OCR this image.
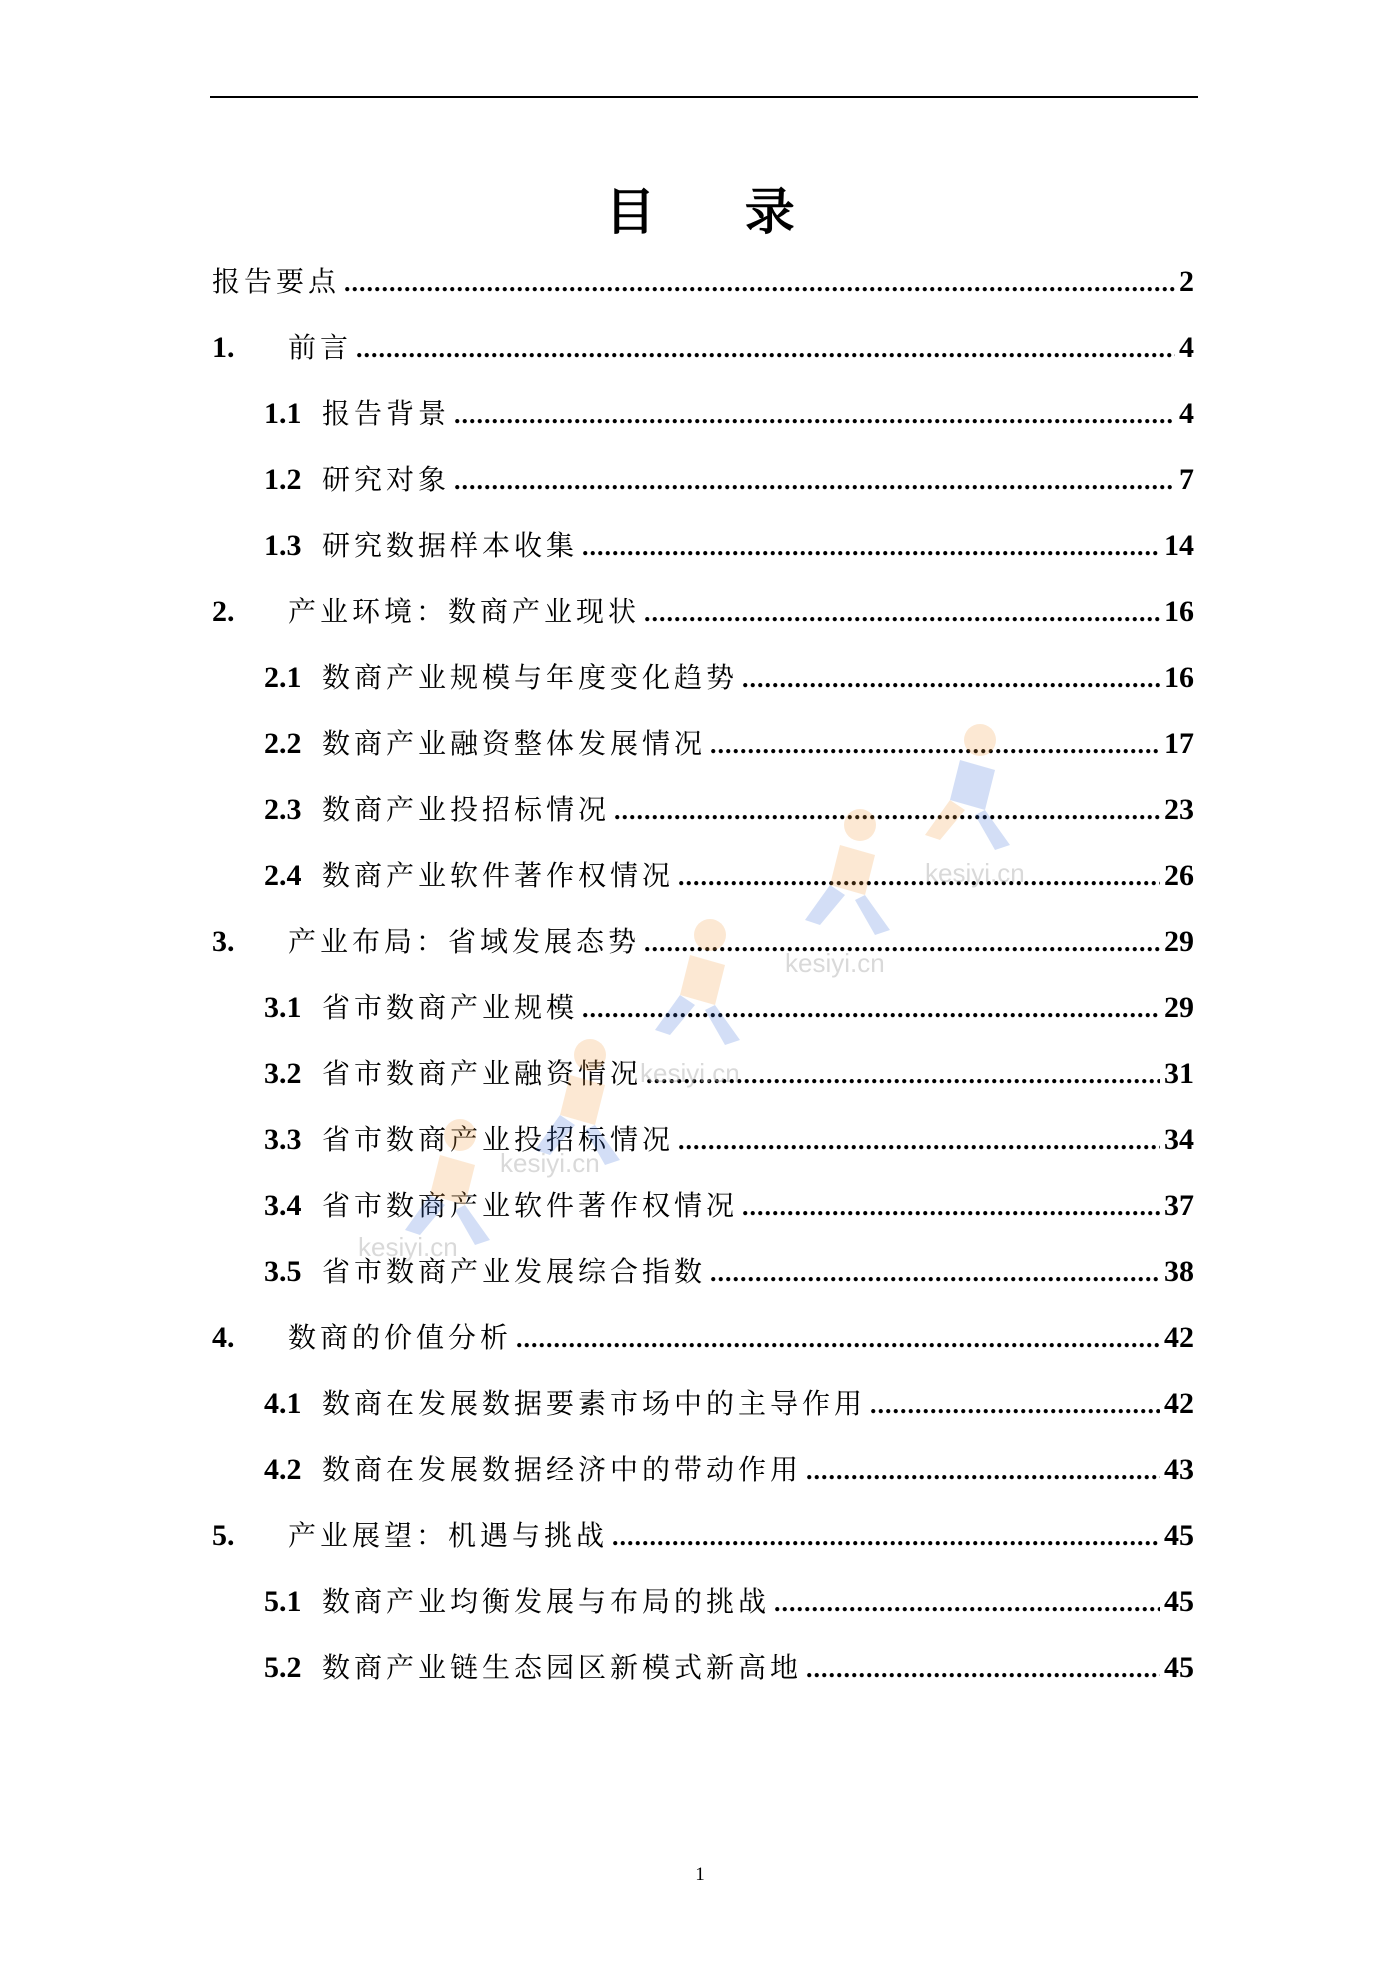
目 录
报告要点 .....	2
1.	前言 .....	4
1.1 报告背景 .....	4
1.2 研究对象 .....	7
1.3 研究数据样本收集 .....	14
2.	产业环境：数商产业现状 .....	16
2.1 数商产业规模与年度变化趋势 .....	16
2.2 数商产业融资整体发展情况 .....	17
2.3 数商产业投招标情况 .....	23
2.4 数商产业软件著作权情况 .....	26
3.	产业布局：省域发展态势 .....	29
3.1 省市数商产业规模 .....	29
3.2 省市数商产业融资情况 .....	31
3.3 省市数商产业投招标情况 .....	34
3.4 省市数商产业软件著作权情况 .....	37
3.5 省市数商产业发展综合指数 .....	38
4.	数商的价值分析 .....	42
4.1 数商在发展数据要素市场中的主导作用 .....	42
4.2 数商在发展数据经济中的带动作用 .....	43
5.	产业展望：机遇与挑战 .....	45
5.1 数商产业均衡发展与布局的挑战 .....	45
5.2 数商产业链生态园区新模式新高地 .....	45
kesiyi.cn
kesiyi.cn
kesiyi.cn
kesiyi.cn
kesiyi.cn
1
